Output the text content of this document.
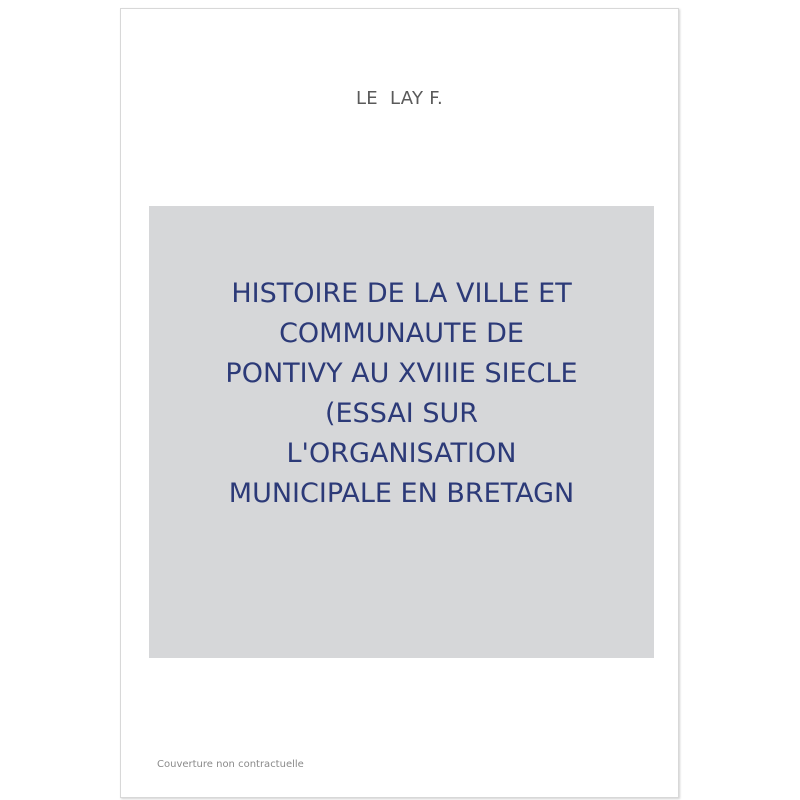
LE  LAY F.
HISTOIRE DE LA VILLE ET
COMMUNAUTE DE
PONTIVY AU XVIIIE SIECLE
(ESSAI SUR
L'ORGANISATION
MUNICIPALE EN BRETAGN
Couverture non contractuelle
